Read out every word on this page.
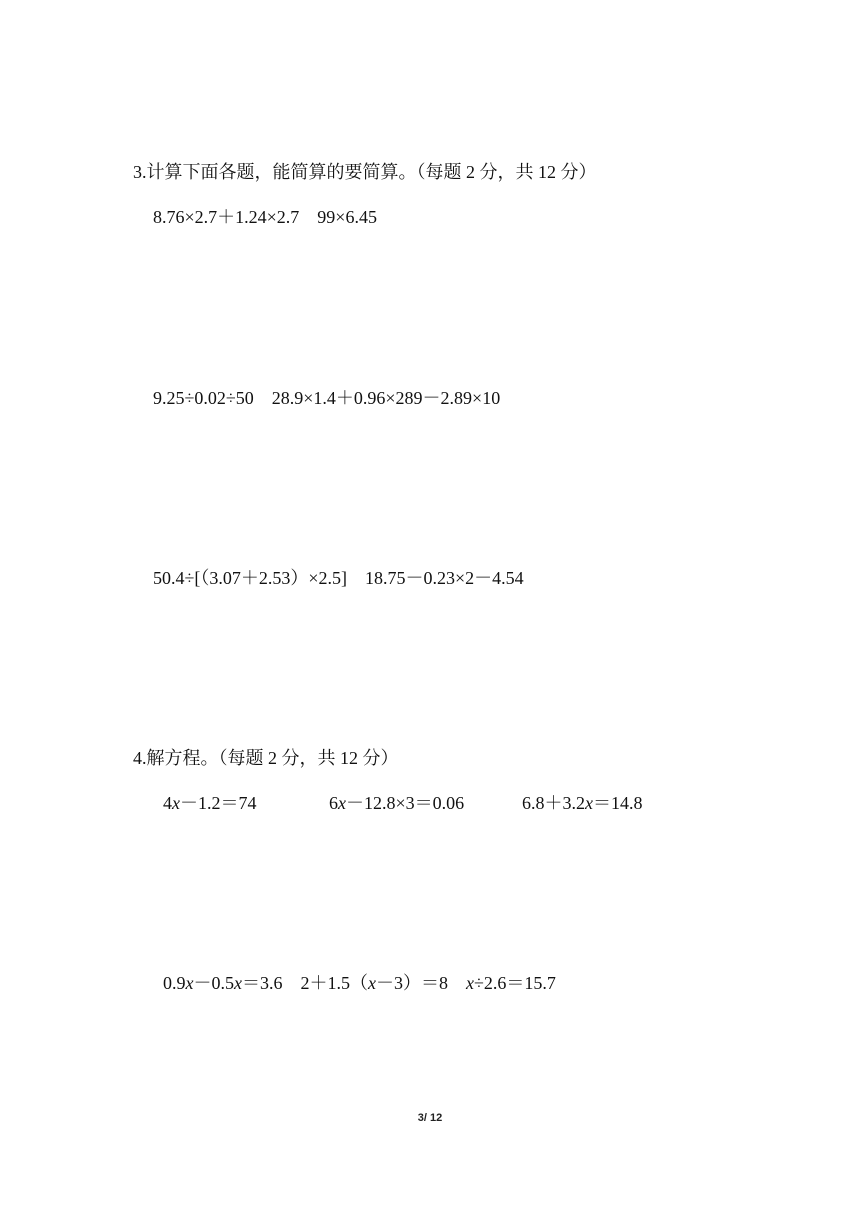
3.计算下面各题，能简算的要简算。（每题 2 分，共 12 分）
8.76×2.7＋1.24×2.7    99×6.45
9.25÷0.02÷50    28.9×1.4＋0.96×289－2.89×10
50.4÷[（3.07＋2.53）×2.5]    18.75－0.23×2－4.54
4.解方程。（每题 2 分，共 12 分）
4x－1.2＝74	6x－12.8×3＝0.06	6.8＋3.2x＝14.8
0.9x－0.5x＝3.6 2＋1.5（x－3）＝8 x÷2.6＝15.7
3/ 12
